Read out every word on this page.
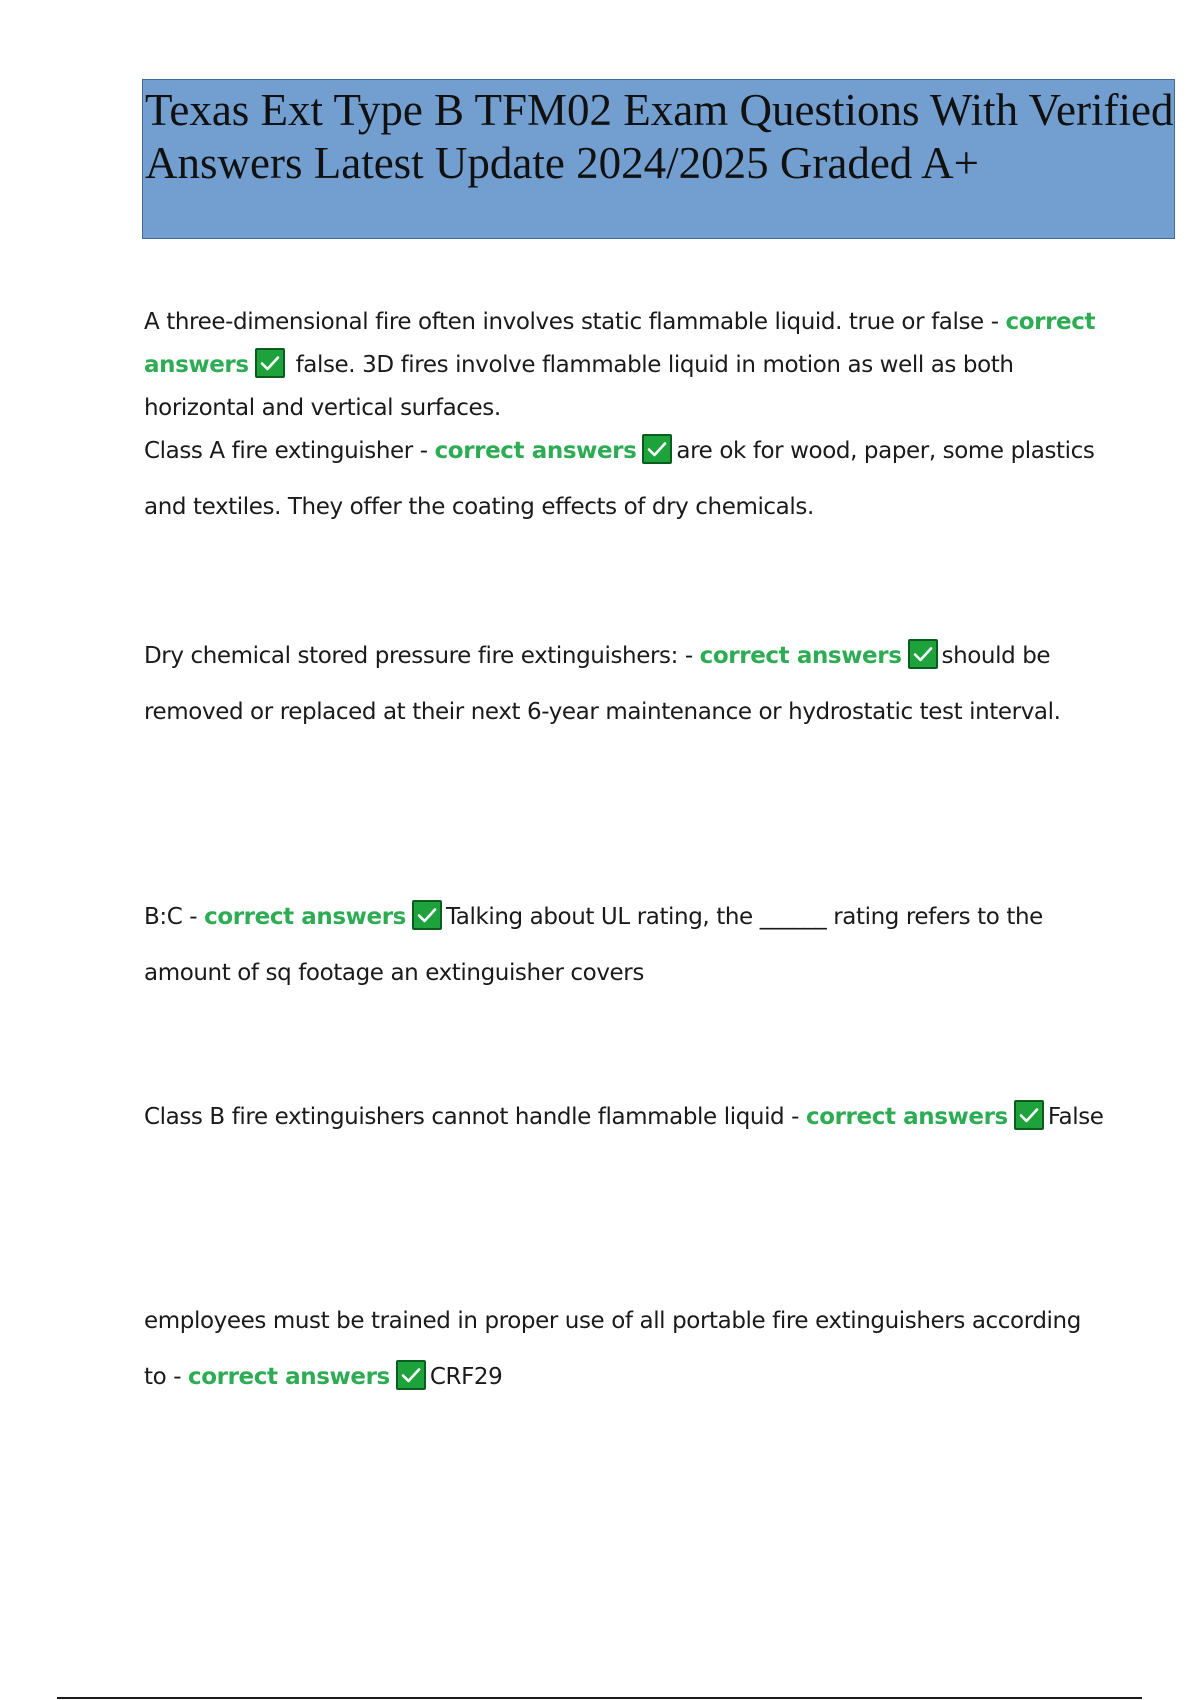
Texas Ext Type B TFM02 Exam Questions With Verified Answers Latest Update 2024/2025 Graded A+

A three-dimensional fire often involves static flammable liquid. true or false - correct answers false. 3D fires involve flammable liquid in motion as well as both horizontal and vertical surfaces.

Class A fire extinguisher - correct answers are ok for wood, paper, some plastics and textiles. They offer the coating effects of dry chemicals.

Dry chemical stored pressure fire extinguishers: - correct answers should be removed or replaced at their next 6-year maintenance or hydrostatic test interval.

B:C - correct answers Talking about UL rating, the ______ rating refers to the amount of sq footage an extinguisher covers

Class B fire extinguishers cannot handle flammable liquid - correct answers False

employees must be trained in proper use of all portable fire extinguishers according to - correct answers CRF29
